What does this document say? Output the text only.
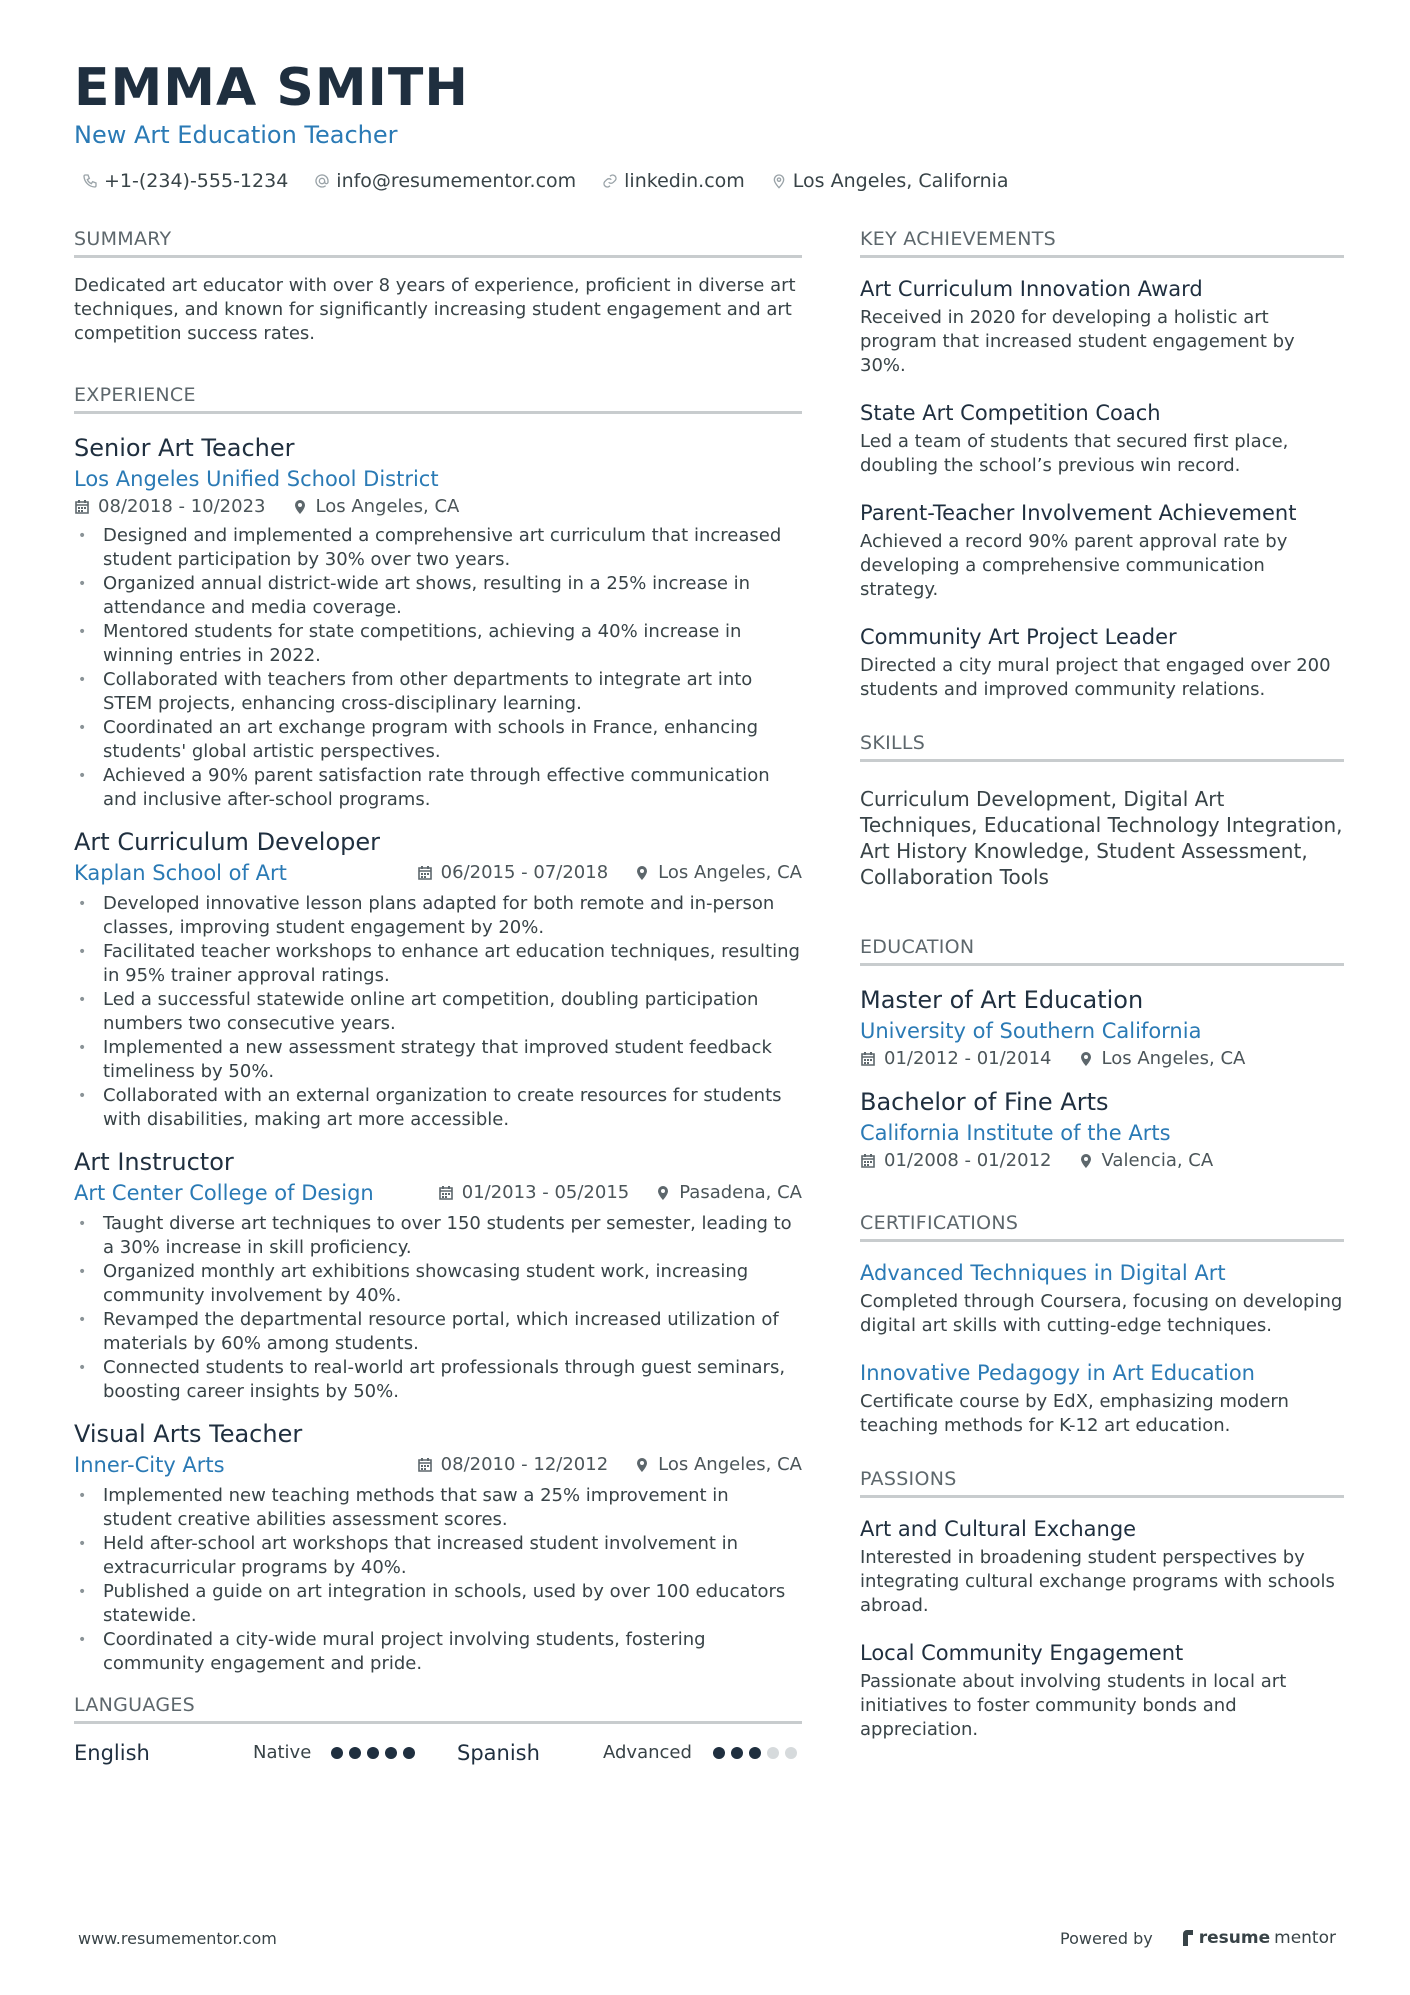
EMMA SMITH
New Art Education Teacher
+1-(234)-555-1234	info@resumementor.com	linkedin.com	Los Angeles, California
SUMMARY
Dedicated art educator with over 8 years of experience, proficient in diverse art techniques, and known for significantly increasing student engagement and art competition success rates.
EXPERIENCE
Senior Art Teacher
Los Angeles Unified School District
08/2018 - 10/2023	Los Angeles, CA
• Designed and implemented a comprehensive art curriculum that increased student participation by 30% over two years.
• Organized annual district-wide art shows, resulting in a 25% increase in attendance and media coverage.
• Mentored students for state competitions, achieving a 40% increase in winning entries in 2022.
• Collaborated with teachers from other departments to integrate art into STEM projects, enhancing cross-disciplinary learning.
• Coordinated an art exchange program with schools in France, enhancing students' global artistic perspectives.
• Achieved a 90% parent satisfaction rate through effective communication and inclusive after-school programs.
Art Curriculum Developer
Kaplan School of Art	06/2015 - 07/2018	Los Angeles, CA
• Developed innovative lesson plans adapted for both remote and in-person classes, improving student engagement by 20%.
• Facilitated teacher workshops to enhance art education techniques, resulting in 95% trainer approval ratings.
• Led a successful statewide online art competition, doubling participation numbers two consecutive years.
• Implemented a new assessment strategy that improved student feedback timeliness by 50%.
• Collaborated with an external organization to create resources for students with disabilities, making art more accessible.
Art Instructor
Art Center College of Design	01/2013 - 05/2015	Pasadena, CA
• Taught diverse art techniques to over 150 students per semester, leading to a 30% increase in skill proficiency.
• Organized monthly art exhibitions showcasing student work, increasing community involvement by 40%.
• Revamped the departmental resource portal, which increased utilization of materials by 60% among students.
• Connected students to real-world art professionals through guest seminars, boosting career insights by 50%.
Visual Arts Teacher
Inner-City Arts	08/2010 - 12/2012	Los Angeles, CA
• Implemented new teaching methods that saw a 25% improvement in student creative abilities assessment scores.
• Held after-school art workshops that increased student involvement in extracurricular programs by 40%.
• Published a guide on art integration in schools, used by over 100 educators statewide.
• Coordinated a city-wide mural project involving students, fostering community engagement and pride.
LANGUAGES
English	Native	Spanish	Advanced
KEY ACHIEVEMENTS
Art Curriculum Innovation Award
Received in 2020 for developing a holistic art program that increased student engagement by 30%.
State Art Competition Coach
Led a team of students that secured first place, doubling the school’s previous win record.
Parent-Teacher Involvement Achievement
Achieved a record 90% parent approval rate by developing a comprehensive communication strategy.
Community Art Project Leader
Directed a city mural project that engaged over 200 students and improved community relations.
SKILLS
Curriculum Development, Digital Art Techniques, Educational Technology Integration, Art History Knowledge, Student Assessment, Collaboration Tools
EDUCATION
Master of Art Education
University of Southern California
01/2012 - 01/2014	Los Angeles, CA
Bachelor of Fine Arts
California Institute of the Arts
01/2008 - 01/2012	Valencia, CA
CERTIFICATIONS
Advanced Techniques in Digital Art
Completed through Coursera, focusing on developing digital art skills with cutting-edge techniques.
Innovative Pedagogy in Art Education
Certificate course by EdX, emphasizing modern teaching methods for K-12 art education.
PASSIONS
Art and Cultural Exchange
Interested in broadening student perspectives by integrating cultural exchange programs with schools abroad.
Local Community Engagement
Passionate about involving students in local art initiatives to foster community bonds and appreciation.
www.resumementor.com	Powered by	resume mentor
